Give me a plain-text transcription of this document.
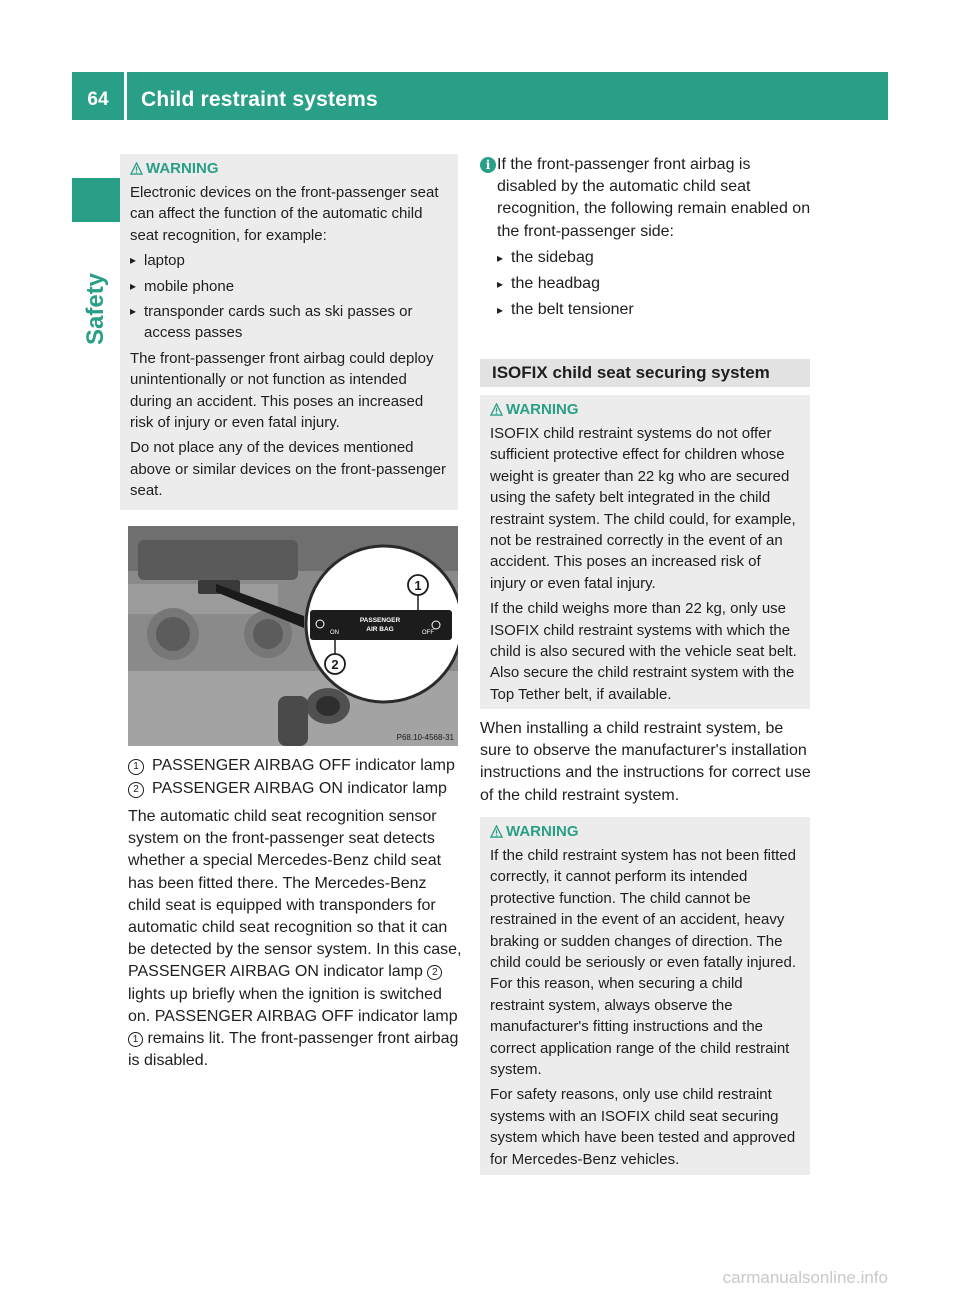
64	Child restraint systems
Safety
WARNING

Electronic devices on the front-passenger seat can affect the function of the automatic child seat recognition, for example:

▸ laptop

▸ mobile phone

▸ transponder cards such as ski passes or access passes

The front-passenger front airbag could deploy unintentionally or not function as intended during an accident. This poses an increased risk of injury or even fatal injury.

Do not place any of the devices mentioned above or similar devices on the front-passenger seat.

PASSENGER
AIR BAG
ON	OFF
1
2
P68.10-4568-31
1 PASSENGER AIRBAG OFF indicator lamp
2 PASSENGER AIRBAG ON indicator lamp

The automatic child seat recognition sensor system on the front-passenger seat detects whether a special Mercedes-Benz child seat has been fitted there. The Mercedes-Benz child seat is equipped with transponders for automatic child seat recognition so that it can be detected by the sensor system. In this case, PASSENGER AIRBAG ON indicator lamp 2 lights up briefly when the ignition is switched on. PASSENGER AIRBAG OFF indicator lamp 1 remains lit. The front-passenger front airbag is disabled.

i If the front-passenger front airbag is disabled by the automatic child seat recognition, the following remain enabled on the front-passenger side:

▸ the sidebag

▸ the headbag

▸ the belt tensioner

ISOFIX child seat securing system
WARNING

ISOFIX child restraint systems do not offer sufficient protective effect for children whose weight is greater than 22 kg who are secured using the safety belt integrated in the child restraint system. The child could, for example, not be restrained correctly in the event of an accident. This poses an increased risk of injury or even fatal injury.

If the child weighs more than 22 kg, only use ISOFIX child restraint systems with which the child is also secured with the vehicle seat belt. Also secure the child restraint system with the Top Tether belt, if available.

When installing a child restraint system, be sure to observe the manufacturer's installation instructions and the instructions for correct use of the child restraint system.

WARNING

If the child restraint system has not been fitted correctly, it cannot perform its intended protective function. The child cannot be restrained in the event of an accident, heavy braking or sudden changes of direction. The child could be seriously or even fatally injured. For this reason, when securing a child restraint system, always observe the manufacturer's fitting instructions and the correct application range of the child restraint system.

For safety reasons, only use child restraint systems with an ISOFIX child seat securing system which have been tested and approved for Mercedes-Benz vehicles.

carmanualsonline.info
